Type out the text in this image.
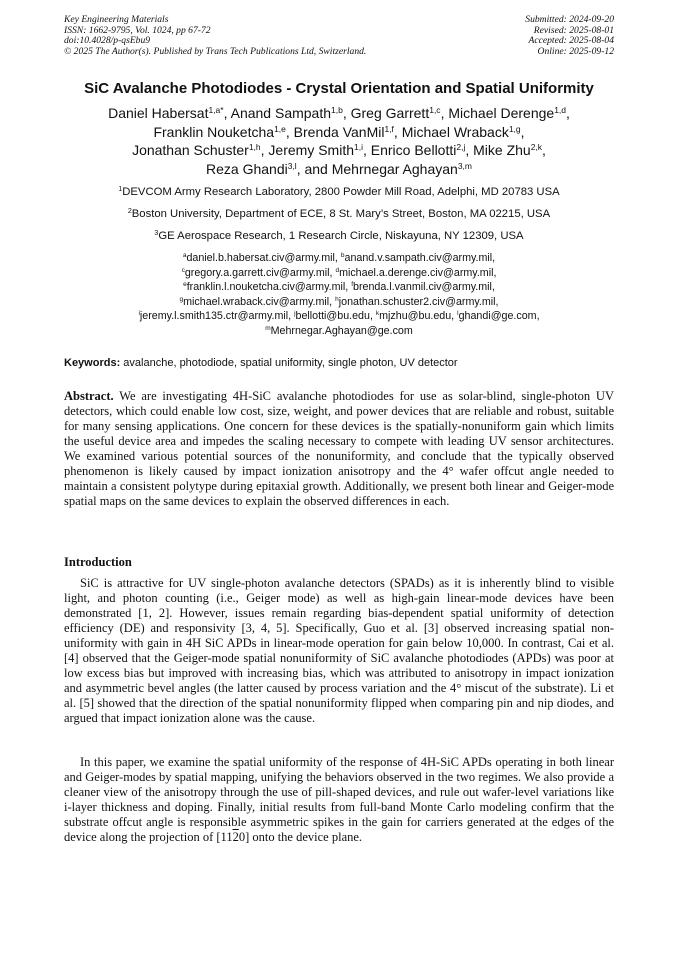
Key Engineering Materials
ISSN: 1662-9795, Vol. 1024, pp 67-72
doi:10.4028/p-qsEbu9
© 2025 The Author(s). Published by Trans Tech Publications Ltd, Switzerland.
Submitted: 2024-09-20
Revised: 2025-08-01
Accepted: 2025-08-04
Online: 2025-09-12
SiC Avalanche Photodiodes - Crystal Orientation and Spatial Uniformity
Daniel Habersat$^{1,a*}$, Anand Sampath$^{1,b}$, Greg Garrett$^{1,c}$, Michael Derenge$^{1,d}$,
Franklin Nouketcha$^{1,e}$, Brenda VanMil$^{1,f}$, Michael Wraback$^{1,g}$,
Jonathan Schuster$^{1,h}$, Jeremy Smith$^{1,i}$, Enrico Bellotti$^{2,j}$, Mike Zhu$^{2,k}$,
Reza Ghandi$^{3,l}$, and Mehrnegar Aghayan$^{3,m}$
$^1$DEVCOM Army Research Laboratory, 2800 Powder Mill Road, Adelphi, MD 20783 USA
$^2$Boston University, Department of ECE, 8 St. Mary’s Street, Boston, MA 02215, USA
$^3$GE Aerospace Research, 1 Research Circle, Niskayuna, NY 12309, USA
$^a$daniel.b.habersat.civ@army.mil, $^b$anand.v.sampath.civ@army.mil,
$^c$gregory.a.garrett.civ@army.mil, $^d$michael.a.derenge.civ@army.mil,
$^e$franklin.l.nouketcha.civ@army.mil, $^f$brenda.l.vanmil.civ@army.mil,
$^g$michael.wraback.civ@army.mil, $^h$jonathan.schuster2.civ@army.mil,
$^i$jeremy.l.smith135.ctr@army.mil, $^j$bellotti@bu.edu, $^k$mjzhu@bu.edu, $^l$ghandi@ge.com,
$^m$Mehrnegar.Aghayan@ge.com
Keywords: avalanche, photodiode, spatial uniformity, single photon, UV detector
Abstract. We are investigating 4H-SiC avalanche photodiodes for use as solar-blind, single-photon UV detectors, which could enable low cost, size, weight, and power devices that are reliable and robust, suitable for many sensing applications. One concern for these devices is the spatially-nonuniform gain which limits the useful device area and impedes the scaling necessary to compete with leading UV sensor architectures. We examined various potential sources of the nonuniformity, and conclude that the typically observed phenomenon is likely caused by impact ionization anisotropy and the 4° wafer offcut angle needed to maintain a consistent polytype during epitaxial growth. Additionally, we present both linear and Geiger-mode spatial maps on the same devices to explain the observed differences in each.
Introduction
SiC is attractive for UV single-photon avalanche detectors (SPADs) as it is inherently blind to visible light, and photon counting (i.e., Geiger mode) as well as high-gain linear-mode devices have been demonstrated [1, 2]. However, issues remain regarding bias-dependent spatial uniformity of detection efficiency (DE) and responsivity [3, 4, 5]. Specifically, Guo et al. [3] observed increasing spatial non-uniformity with gain in 4H SiC APDs in linear-mode operation for gain below 10,000. In contrast, Cai et al. [4] observed that the Geiger-mode spatial nonuniformity of SiC avalanche photodiodes (APDs) was poor at low excess bias but improved with increasing bias, which was attributed to anisotropy in impact ionization and asymmetric bevel angles (the latter caused by process variation and the 4° miscut of the substrate). Li et al. [5] showed that the direction of the spatial nonuniformity flipped when comparing pin and nip diodes, and argued that impact ionization alone was the cause.
In this paper, we examine the spatial uniformity of the response of 4H-SiC APDs operating in both linear and Geiger-modes by spatial mapping, unifying the behaviors observed in the two regimes. We also provide a cleaner view of the anisotropy through the use of pill-shaped devices, and rule out wafer-level variations like i-layer thickness and doping. Finally, initial results from full-band Monte Carlo modeling confirm that the substrate offcut angle is responsible asymmetric spikes in the gain for carriers generated at the edges of the device along the projection of [1120] onto the device plane.
